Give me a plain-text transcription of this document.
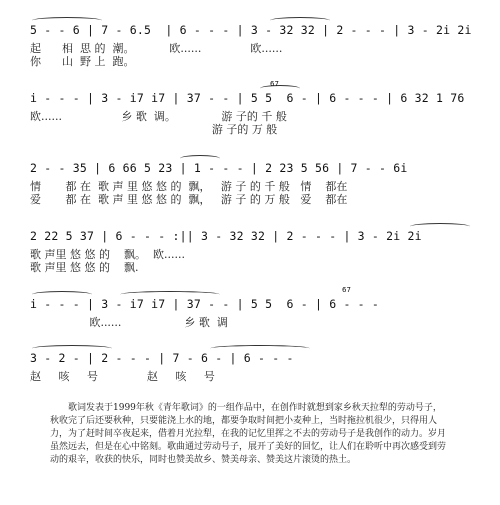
5 - - 6 | 7 - 6.5  | 6 - - - | 3 - 32 32 | 2 - - - | 3 - 2i 2i
起      相  思 的  潮。          欧......              欧......
你      山  野 上  跑。
i - - - | 3 - i7 i7 | 37 - - | 5 5  6 - | 6 - - - | 6 32 1 76
67
欧......                 乡 歌  调。             游 子的 千 般
游 子的 万 般
2 - - 35 | 6 66 5 23 | 1 - - - | 2 23 5 56 | 7 - - 6i
情       都 在  歌 声 里 悠 悠 的  飘，   游 子 的 千 般   情    都在
爱       都 在  歌 声 里 悠 悠 的  飘，   游 子 的 万 般   爱    都在
2 22 5 37 | 6 - - - :|| 3 - 32 32 | 2 - - - | 3 - 2i 2i
歌 声里 悠 悠 的    飘。  欧......
歌 声里 悠 悠 的    飘.
i - - - | 3 - i7 i7 | 37 - - | 5 5  6 - | 6 - - -
67
欧......                  乡 歌  调
3 - 2 - | 2 - - - | 7 - 6 - | 6 - - -
赵     咳     号              赵     咳     号
歌词发表于1999年秋《青年歌词》的一组作品中，在创作时就想到家乡秋天拉犁的劳动号子，秋收完了后还要秋种，只要能浇上水的地，都要争取时间把小麦种上，当时拖拉机很少，只得用人力，为了赶时间卒夜起来，借着月光拉犁，在我的记忆里挥之不去的劳动号子是我创作的动力。岁月虽然远去，但是在心中铭刻。歌曲通过劳动号子，展开了美好的回忆，让人们在聆听中再次感受到劳动的艰辛，收获的快乐，同时也赞美故乡、赞美母亲、赞美这片滚烫的热土。
